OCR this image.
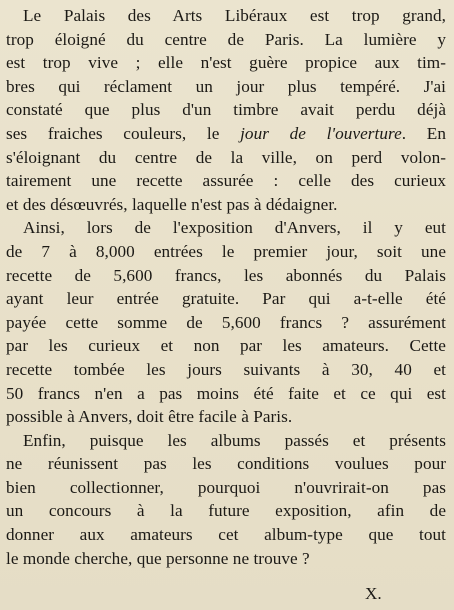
Le Palais des Arts Libéraux est trop grand,
trop éloigné du centre de Paris. La lumière y
est trop vive ; elle n'est guère propice aux tim-
bres qui réclament un jour plus tempéré. J'ai
constaté que plus d'un timbre avait perdu déjà
ses fraiches couleurs, le jour de l'ouverture. En
s'éloignant du centre de la ville, on perd volon-
tairement une recette assurée : celle des curieux
et des désœuvrés, laquelle n'est pas à dédaigner.
Ainsi, lors de l'exposition d'Anvers, il y eut
de 7 à 8,000 entrées le premier jour, soit une
recette de 5,600 francs, les abonnés du Palais
ayant leur entrée gratuite. Par qui a-t-elle été
payée cette somme de 5,600 francs ? assurément
par les curieux et non par les amateurs. Cette
recette tombée les jours suivants à 30, 40 et
50 francs n'en a pas moins été faite et ce qui est
possible à Anvers, doit être facile à Paris.
Enfin, puisque les albums passés et présents
ne réunissent pas les conditions voulues pour
bien collectionner, pourquoi n'ouvrirait-on pas
un concours à la future exposition, afin de
donner aux amateurs cet album-type que tout
le monde cherche, que personne ne trouve ?
X.
